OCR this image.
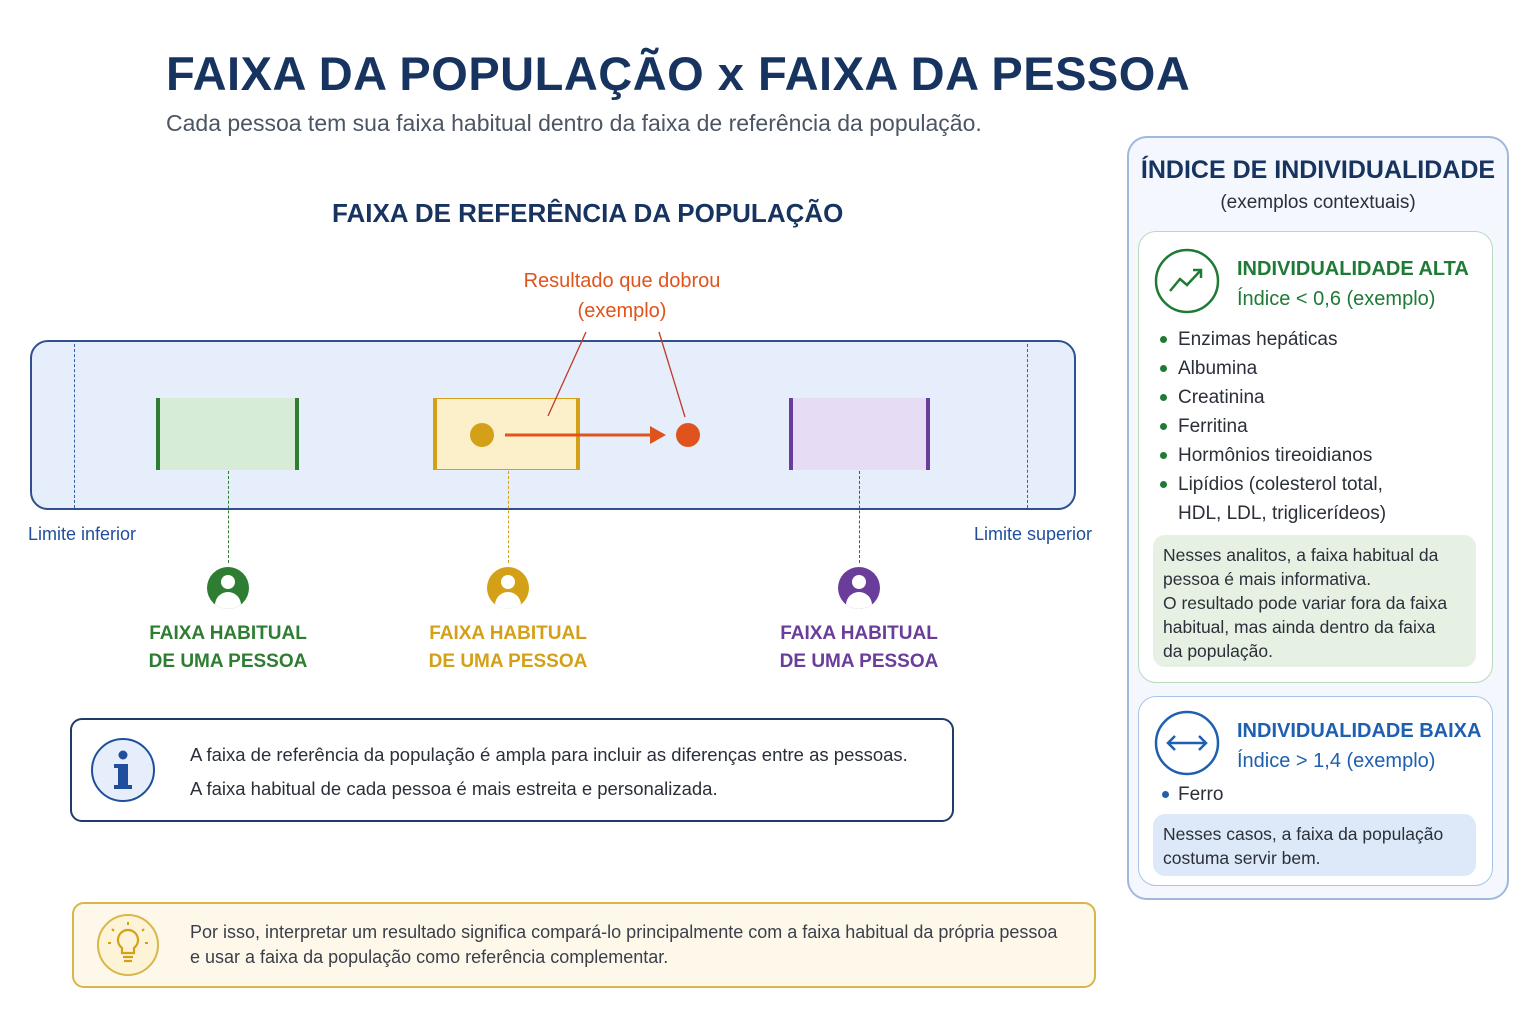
FAIXA DA POPULAÇÃO x FAIXA DA PESSOA
Cada pessoa tem sua faixa habitual dentro da faixa de referência da população.
FAIXA DE REFERÊNCIA DA POPULAÇÃO
Resultado que dobrou
(exemplo)
Limite inferior	Limite superior
FAIXA HABITUAL
DE UMA PESSOA
FAIXA HABITUAL
DE UMA PESSOA
FAIXA HABITUAL
DE UMA PESSOA
A faixa de referência da população é ampla para incluir as diferenças entre as pessoas.
A faixa habitual de cada pessoa é mais estreita e personalizada.
Por isso, interpretar um resultado significa compará-lo principalmente com a faixa habitual da própria pessoa
e usar a faixa da população como referência complementar.
ÍNDICE DE INDIVIDUALIDADE
(exemplos contextuais)
INDIVIDUALIDADE ALTA
Índice < 0,6 (exemplo)
Enzimas hepáticas
Albumina
Creatinina
Ferritina
Hormônios tireoidianos
Lipídios (colesterol total,
HDL, LDL, triglicerídeos)
Nesses analitos, a faixa habitual da
pessoa é mais informativa.
O resultado pode variar fora da faixa
habitual, mas ainda dentro da faixa
da população.
INDIVIDUALIDADE BAIXA
Índice > 1,4 (exemplo)
Ferro
Nesses casos, a faixa da população
costuma servir bem.
